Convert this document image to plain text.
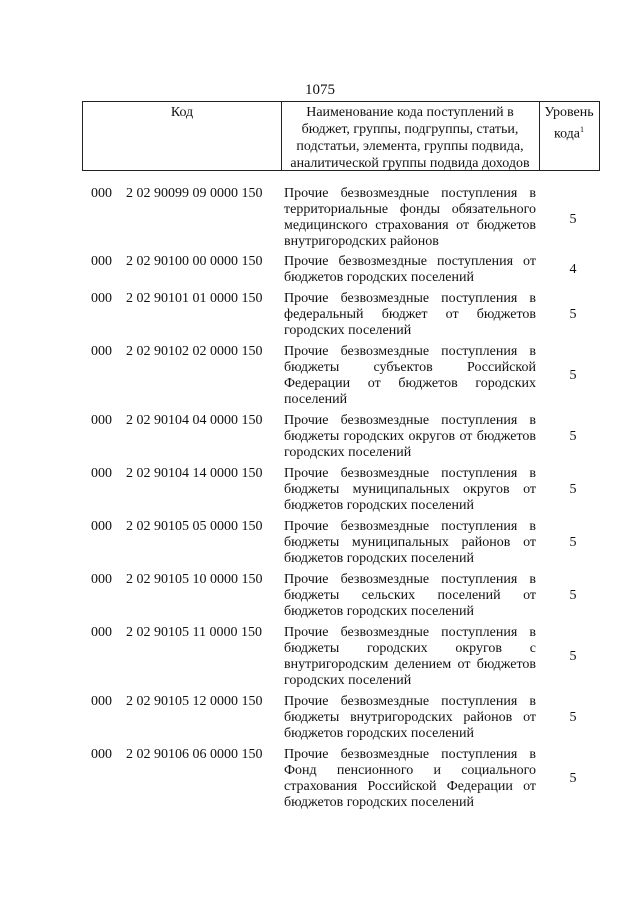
1075
Код	Наименование кода поступлений в бюджет, группы, подгруппы, статьи, подстатьи, элемента, группы подвида, аналитической группы подвида доходов
Уровень кода$^1$
000 2 02 90099 09 0000 150 Прочие безвозмездные поступления в территориальные фонды обязательного медицинского страхования от бюджетов внутригородских районов
5
000 2 02 90100 00 0000 150 Прочие безвозмездные поступления от бюджетов городских поселений
4
000 2 02 90101 01 0000 150 Прочие безвозмездные поступления в федеральный бюджет от бюджетов городских поселений
5
000 2 02 90102 02 0000 150 Прочие безвозмездные поступления в бюджеты субъектов Российской Федерации от бюджетов городских поселений
5
000 2 02 90104 04 0000 150 Прочие безвозмездные поступления в бюджеты городских округов от бюджетов городских поселений
5
000 2 02 90104 14 0000 150 Прочие безвозмездные поступления в бюджеты муниципальных округов от бюджетов городских поселений
5
000 2 02 90105 05 0000 150 Прочие безвозмездные поступления в бюджеты муниципальных районов от бюджетов городских поселений
5
000 2 02 90105 10 0000 150 Прочие безвозмездные поступления в бюджеты сельских поселений от бюджетов городских поселений
5
000 2 02 90105 11 0000 150 Прочие безвозмездные поступления в бюджеты городских округов с внутригородским делением от бюджетов городских поселений
5
000 2 02 90105 12 0000 150 Прочие безвозмездные поступления в бюджеты внутригородских районов от бюджетов городских поселений
5
000 2 02 90106 06 0000 150 Прочие безвозмездные поступления в Фонд пенсионного и социального страхования Российской Федерации от бюджетов городских поселений
5
